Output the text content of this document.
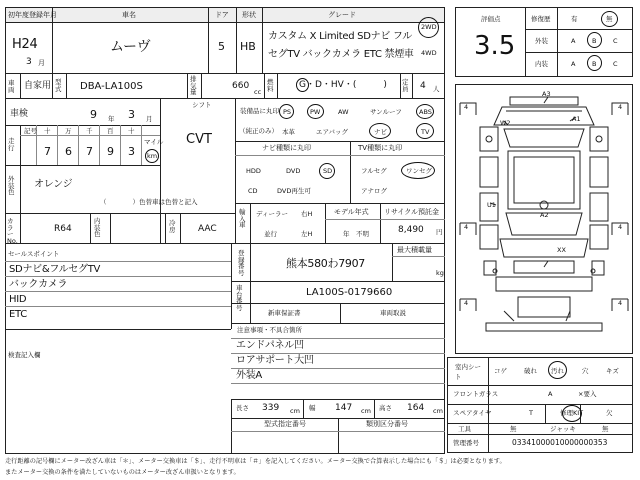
初年度登録年月	車名	ドア 形状	グレード
H24
3 月
ムーヴ	5 HB
カスタム X Limited SDナビ フル
セグTV バックカメラ ETC 禁煙車
2WD
4WD
車両	自家用 型式 DBA-LA100S
排気量
660
cc
燃料	G・D・HV・(　　　) 定員 4 人
車検	9 年 3 月
シフト
CVT
走行
記号 十 万 千 百 十
7 6 7 9 3
マイル
km
外装色
オレンジ
（　　　　）色替車は色替と記入
カラーNo.
R64
内装色
冷房	AAC
装備品に丸印
（純正のみ）
PS	PW	AW	サンルーフ	ABS
本革	エアバッグ	ナビ	TV
ナビ種類に丸印
HDD	DVD	SD
CD	DVD再生可
TV種類に丸印
フルセグ	ワンセグ
アナログ
輸入車
ディーラー 右H
並行	左H
モデル年式
年　不明
リサイクル預託金
8,490 円
セールスポイント
SDナビ&フルセグTV
バックカメラ
HID
ETC
検査記入欄
登録番号
熊本580わ7907
最大積載量
kg
車台番号
LA100S-0179660
新車保証書	車両取説
注意事項・不具合箇所
エンドパネル凹
ロアサポート大凹
外装A
長さ 339 cm 幅 147 cm 高さ 164 cm
型式指定番号	類別区分番号
評価点
3.5
修復歴	有	無
外装	A	B	C
内装	A	B	C
A3
W2	A1
A2
U1
XX
4	4
4	4
4	4
室内シート
コゲ	破れ 汚れ	穴	キズ
フロントガラス	A	×要入
スペアタイヤ	T	修理KIT	欠
工具	無	ジャッキ	無
管理番号	03341000010000000353
走行距離の記号欄にメーター改ざん車は「＊」、メーター交換車は「＄」、走行不明車は「＃」を記入してください。メーター交換で合算表示した場合にも「＄」は必要となります。
またメーター交換の条件を満たしていないものはメーター改ざん車扱いとなります。
